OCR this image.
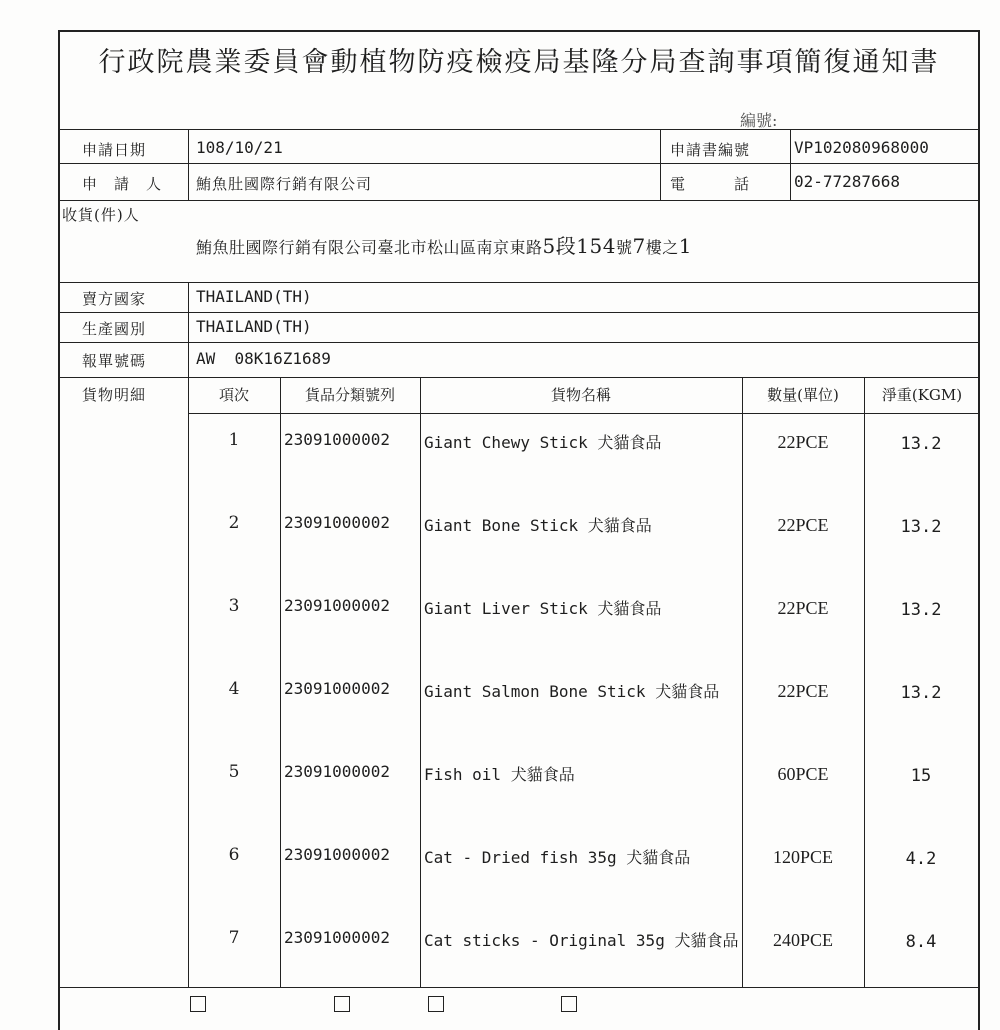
行政院農業委員會動植物防疫檢疫局基隆分局查詢事項簡復通知書
編號:
申請日期	108/10/21	申請書編號	VP102080968000
申　請　人 鮪魚肚國際行銷有限公司	電　　　話	02-77287668
收貨(件)人
鮪魚肚國際行銷有限公司臺北市松山區南京東路5段154號7樓之1
賣方國家	THAILAND(TH)
生產國別	THAILAND(TH)
報單號碼	AW  08K16Z1689
貨物明細	項次	貨品分類號列	貨物名稱	數量(單位)	淨重(KGM)
1	23091000002 Giant Chewy Stick 犬貓食品	22PCE	13.2
2	23091000002 Giant Bone Stick 犬貓食品	22PCE	13.2
3	23091000002 Giant Liver Stick 犬貓食品	22PCE	13.2
4	23091000002 Giant Salmon Bone Stick 犬貓食品	22PCE	13.2
5	23091000002 Fish oil 犬貓食品	60PCE	15
6	23091000002 Cat - Dried fish 35g 犬貓食品	120PCE	4.2
7	23091000002 Cat sticks - Original 35g 犬貓食品	240PCE	8.4
